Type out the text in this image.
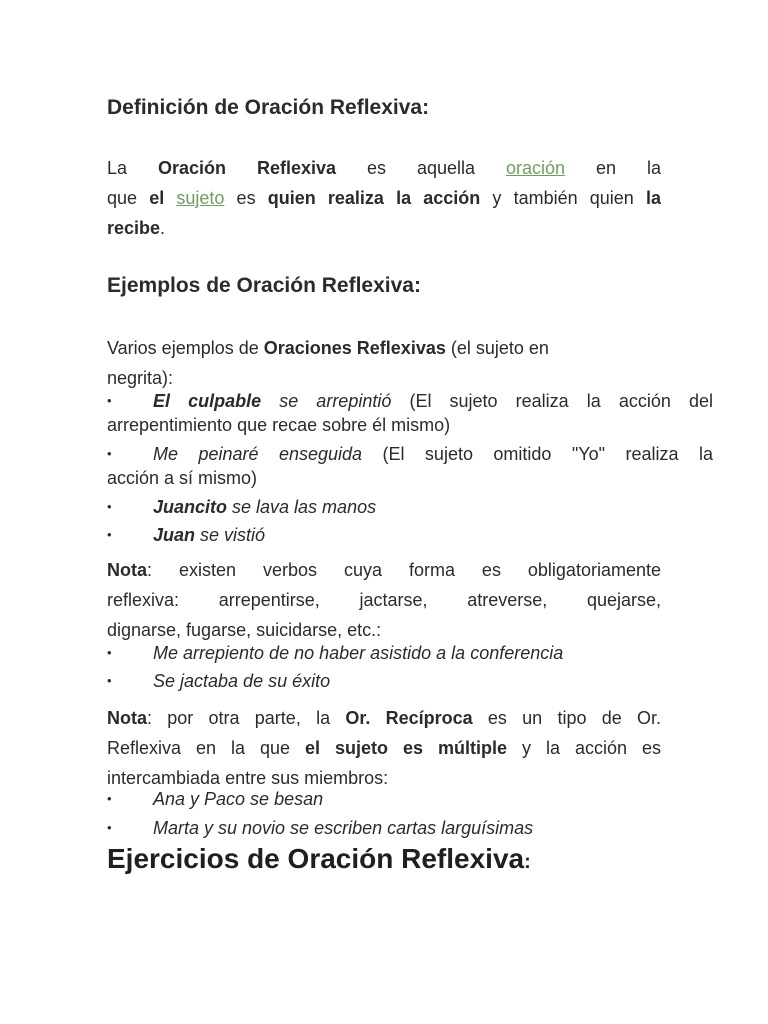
Definición de Oración Reflexiva:
La Oración Reflexiva es aquella oración en la
que el sujeto es quien realiza la acción y también quien la
recibe.
Ejemplos de Oración Reflexiva:
Varios ejemplos de Oraciones Reflexivas (el sujeto en
negrita):
•	El culpable se arrepintió (El sujeto realiza la acción del
arrepentimiento que recae sobre él mismo)
•	Me peinaré enseguida (El sujeto omitido "Yo" realiza la
acción a sí mismo)
•	Juancito se lava las manos
•	Juan se vistió
Nota: existen verbos cuya forma es obligatoriamente
reflexiva: arrepentirse, jactarse, atreverse, quejarse,
dignarse, fugarse, suicidarse, etc.:
•	Me arrepiento de no haber asistido a la conferencia
•	Se jactaba de su éxito
Nota: por otra parte, la Or. Recíproca es un tipo de Or.
Reflexiva en la que el sujeto es múltiple y la acción es
intercambiada entre sus miembros:
•	Ana y Paco se besan
•	Marta y su novio se escriben cartas larguísimas
Ejercicios de Oración Reflexiva:
